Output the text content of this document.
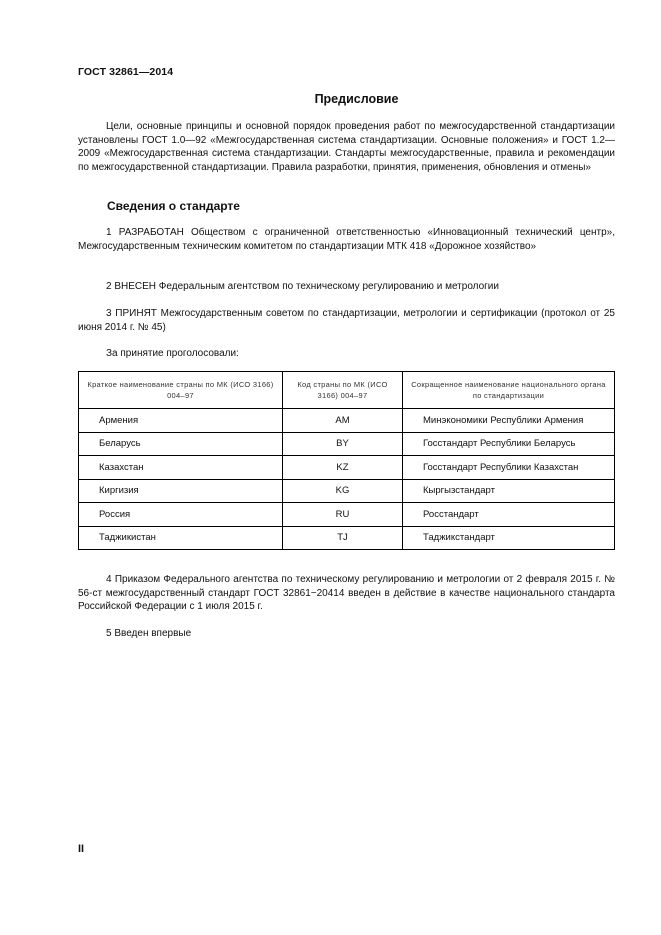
ГОСТ 32861—2014
Предисловие

Цели, основные принципы и основной порядок проведения работ по межгосударственной стандартизации установлены ГОСТ 1.0—92 «Межгосударственная система стандартизации. Основные положения» и ГОСТ 1.2—2009 «Межгосударственная система стандартизации. Стандарты межгосударственные, правила и рекомендации по межгосударственной стандартизации. Правила разработки, принятия, применения, обновления и отмены»

Сведения о стандарте

1 РАЗРАБОТАН Обществом с ограниченной ответственностью «Инновационный технический центр», Межгосударственным техническим комитетом по стандартизации МТК 418 «Дорожное хозяйство»

2 ВНЕСЕН Федеральным агентством по техническому регулированию и метрологии

3 ПРИНЯТ Межгосударственным советом по стандартизации, метрологии и сертификации (протокол от 25 июня 2014 г. № 45)

За принятие проголосовали:

Краткое наименование страны по МК (ИСО 3166) 004–97	Код страны по МК (ИСО 3166) 004–97	Сокращенное наименование национального органа по стандартизации
Армения	AM	Минэкономики Республики Армения
Беларусь	BY	Госстандарт Республики Беларусь
Казахстан	KZ	Госстандарт Республики Казахстан
Киргизия	KG	Кыргызстандарт
Россия	RU	Росстандарт
Таджикистан	TJ	Таджикстандарт

4 Приказом Федерального агентства по техническому регулированию и метрологии от 2 февраля 2015 г. № 56-ст межгосударственный стандарт ГОСТ 32861−20414 введен в действие в качестве национального стандарта Российской Федерации с 1 июля 2015 г.

5 Введен впервые

II
